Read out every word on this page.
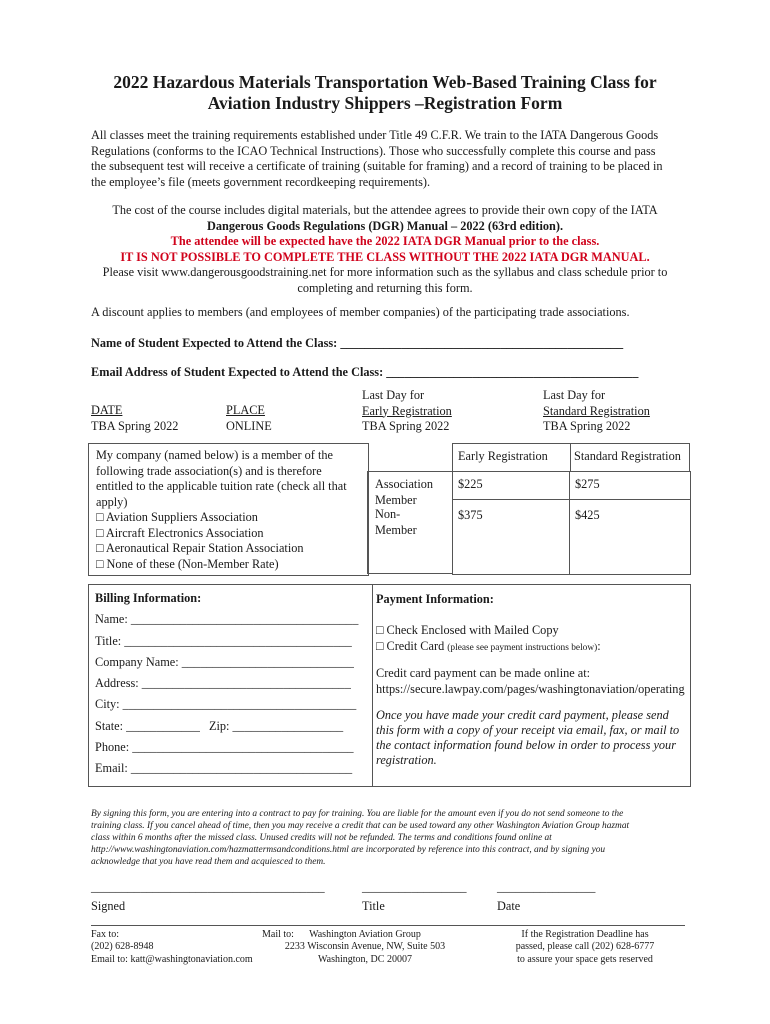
2022 Hazardous Materials Transportation Web-Based Training Class for
Aviation Industry Shippers –Registration Form
All classes meet the training requirements established under Title 49 C.F.R. We train to the IATA Dangerous Goods
Regulations (conforms to the ICAO Technical Instructions). Those who successfully complete this course and pass
the subsequent test will receive a certificate of training (suitable for framing) and a record of training to be placed in
the employee’s file (meets government recordkeeping requirements).
The cost of the course includes digital materials, but the attendee agrees to provide their own copy of the IATA
Dangerous Goods Regulations (DGR) Manual – 2022 (63rd edition).
The attendee will be expected have the 2022 IATA DGR Manual prior to the class.
IT IS NOT POSSIBLE TO COMPLETE THE CLASS WITHOUT THE 2022 IATA DGR MANUAL.
Please visit www.dangerousgoodstraining.net for more information such as the syllabus and class schedule prior to
completing and returning this form.
A discount applies to members (and employees of member companies) of the participating trade associations.
Name of Student Expected to Attend the Class: ______________________________________________
Email Address of Student Expected to Attend the Class: _________________________________________
DATE
TBA Spring 2022
PLACE
ONLINE
Last Day for
Early Registration
TBA Spring 2022
Last Day for
Standard Registration
TBA Spring 2022
My company (named below) is a member of the
following trade association(s) and is therefore
entitled to the applicable tuition rate (check all that
apply)
□ Aviation Suppliers Association
□ Aircraft Electronics Association
□ Aeronautical Repair Station Association
□ None of these (Non-Member Rate)
Early Registration Standard Registration
Association
Member
$225	$275
Non-
Member
$375	$425
Billing Information:
Name: _____________________________________
Title: _____________________________________
Company Name: ____________________________
Address: __________________________________
City: ______________________________________
State: ____________ Zip: __________________
Phone: ____________________________________
Email: ____________________________________
Payment Information:
□ Check Enclosed with Mailed Copy
□ Credit Card (please see payment instructions below):
Credit card payment can be made online at:
https://secure.lawpay.com/pages/washingtonaviation/operating
Once you have made your credit card payment, please send
this form with a copy of your receipt via email, fax, or mail to
the contact information found below in order to process your
registration.
By signing this form, you are entering into a contract to pay for training. You are liable for the amount even if you do not send someone to the
training class. If you cancel ahead of time, then you may receive a credit that can be used toward any other Washington Aviation Group hazmat
class within 6 months after the missed class. Unused credits will not be refunded. The terms and conditions found online at
http://www.washingtonaviation.com/hazmattermsandconditions.html are incorporated by reference into this contract, and by signing you
acknowledge that you have read them and acquiesced to them.
______________________________________
Signed
_________________
Title
________________
Date
Fax to:
(202) 628-8948
Email to: katt@washingtonaviation.com
Mail to:	Washington Aviation Group
2233 Wisconsin Avenue, NW, Suite 503
Washington, DC 20007
If the Registration Deadline has
passed, please call (202) 628-6777
to assure your space gets reserved
